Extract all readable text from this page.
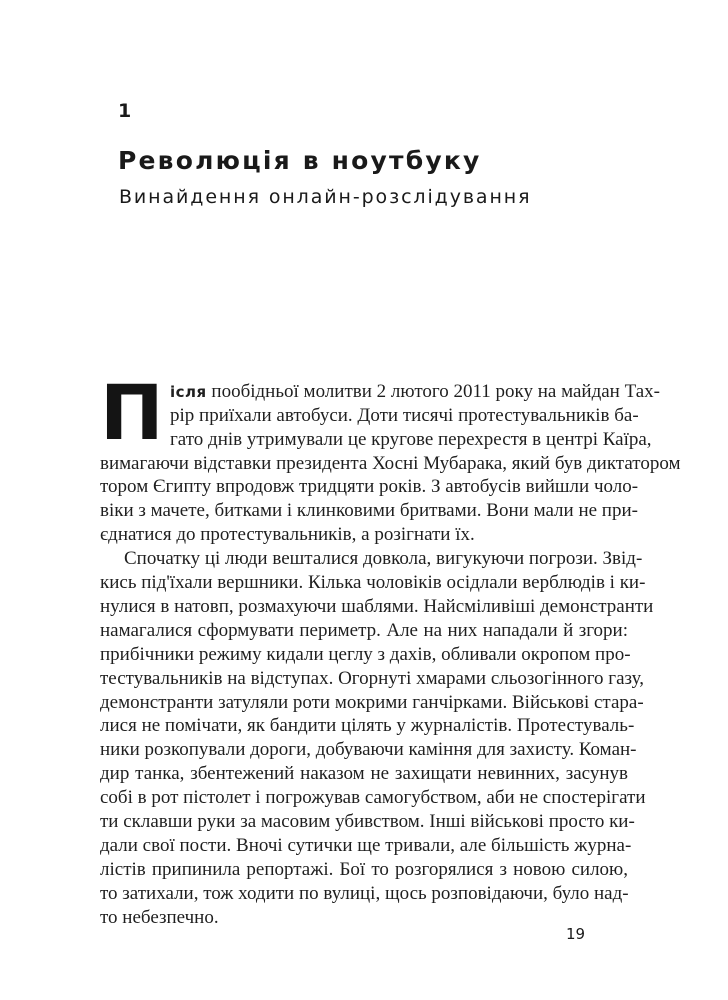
1
Революція в ноутбуку
Винайдення онлайн-розслідування
П ісля пообідньої молитви 2 лютого 2011 року на майдан Тах-
рір приїхали автобуси. Доти тисячі протестувальників ба-
гато днів утримували це кругове перехрестя в центрі Каїра,
вимагаючи відставки президента Хосні Мубарака, який був диктатором
тором Єгипту впродовж тридцяти років. З автобусів вийшли чоло-
віки з мачете, битками і клинковими бритвами. Вони мали не при-
єднатися до протестувальників, а розігнати їх.
Спочатку ці люди вешталися довкола, вигукуючи погрози. Звід-
кись під'їхали вершники. Кілька чоловіків осідлали верблюдів і ки-
нулися в натовп, розмахуючи шаблями. Найсміливіші демонстранти
намагалися сформувати периметр. Але на них нападали й згори:
прибічники режиму кидали цеглу з дахів, обливали окропом про-
тестувальників на відступах. Огорнуті хмарами сльозогінного газу,
демонстранти затуляли роти мокрими ганчірками. Військові стара-
лися не помічати, як бандити цілять у журналістів. Протестуваль-
ники розкопували дороги, добуваючи каміння для захисту. Коман-
дир танка, збентежений наказом не захищати невинних, засунув
собі в рот пістолет і погрожував самогубством, аби не спостерігати
ти склавши руки за масовим убивством. Інші військові просто ки-
дали свої пости. Вночі сутички ще тривали, але більшість журна-
лістів припинила репортажі. Бої то розгорялися з новою силою,
то затихали, тож ходити по вулиці, щось розповідаючи, було над-
то небезпечно.
19
